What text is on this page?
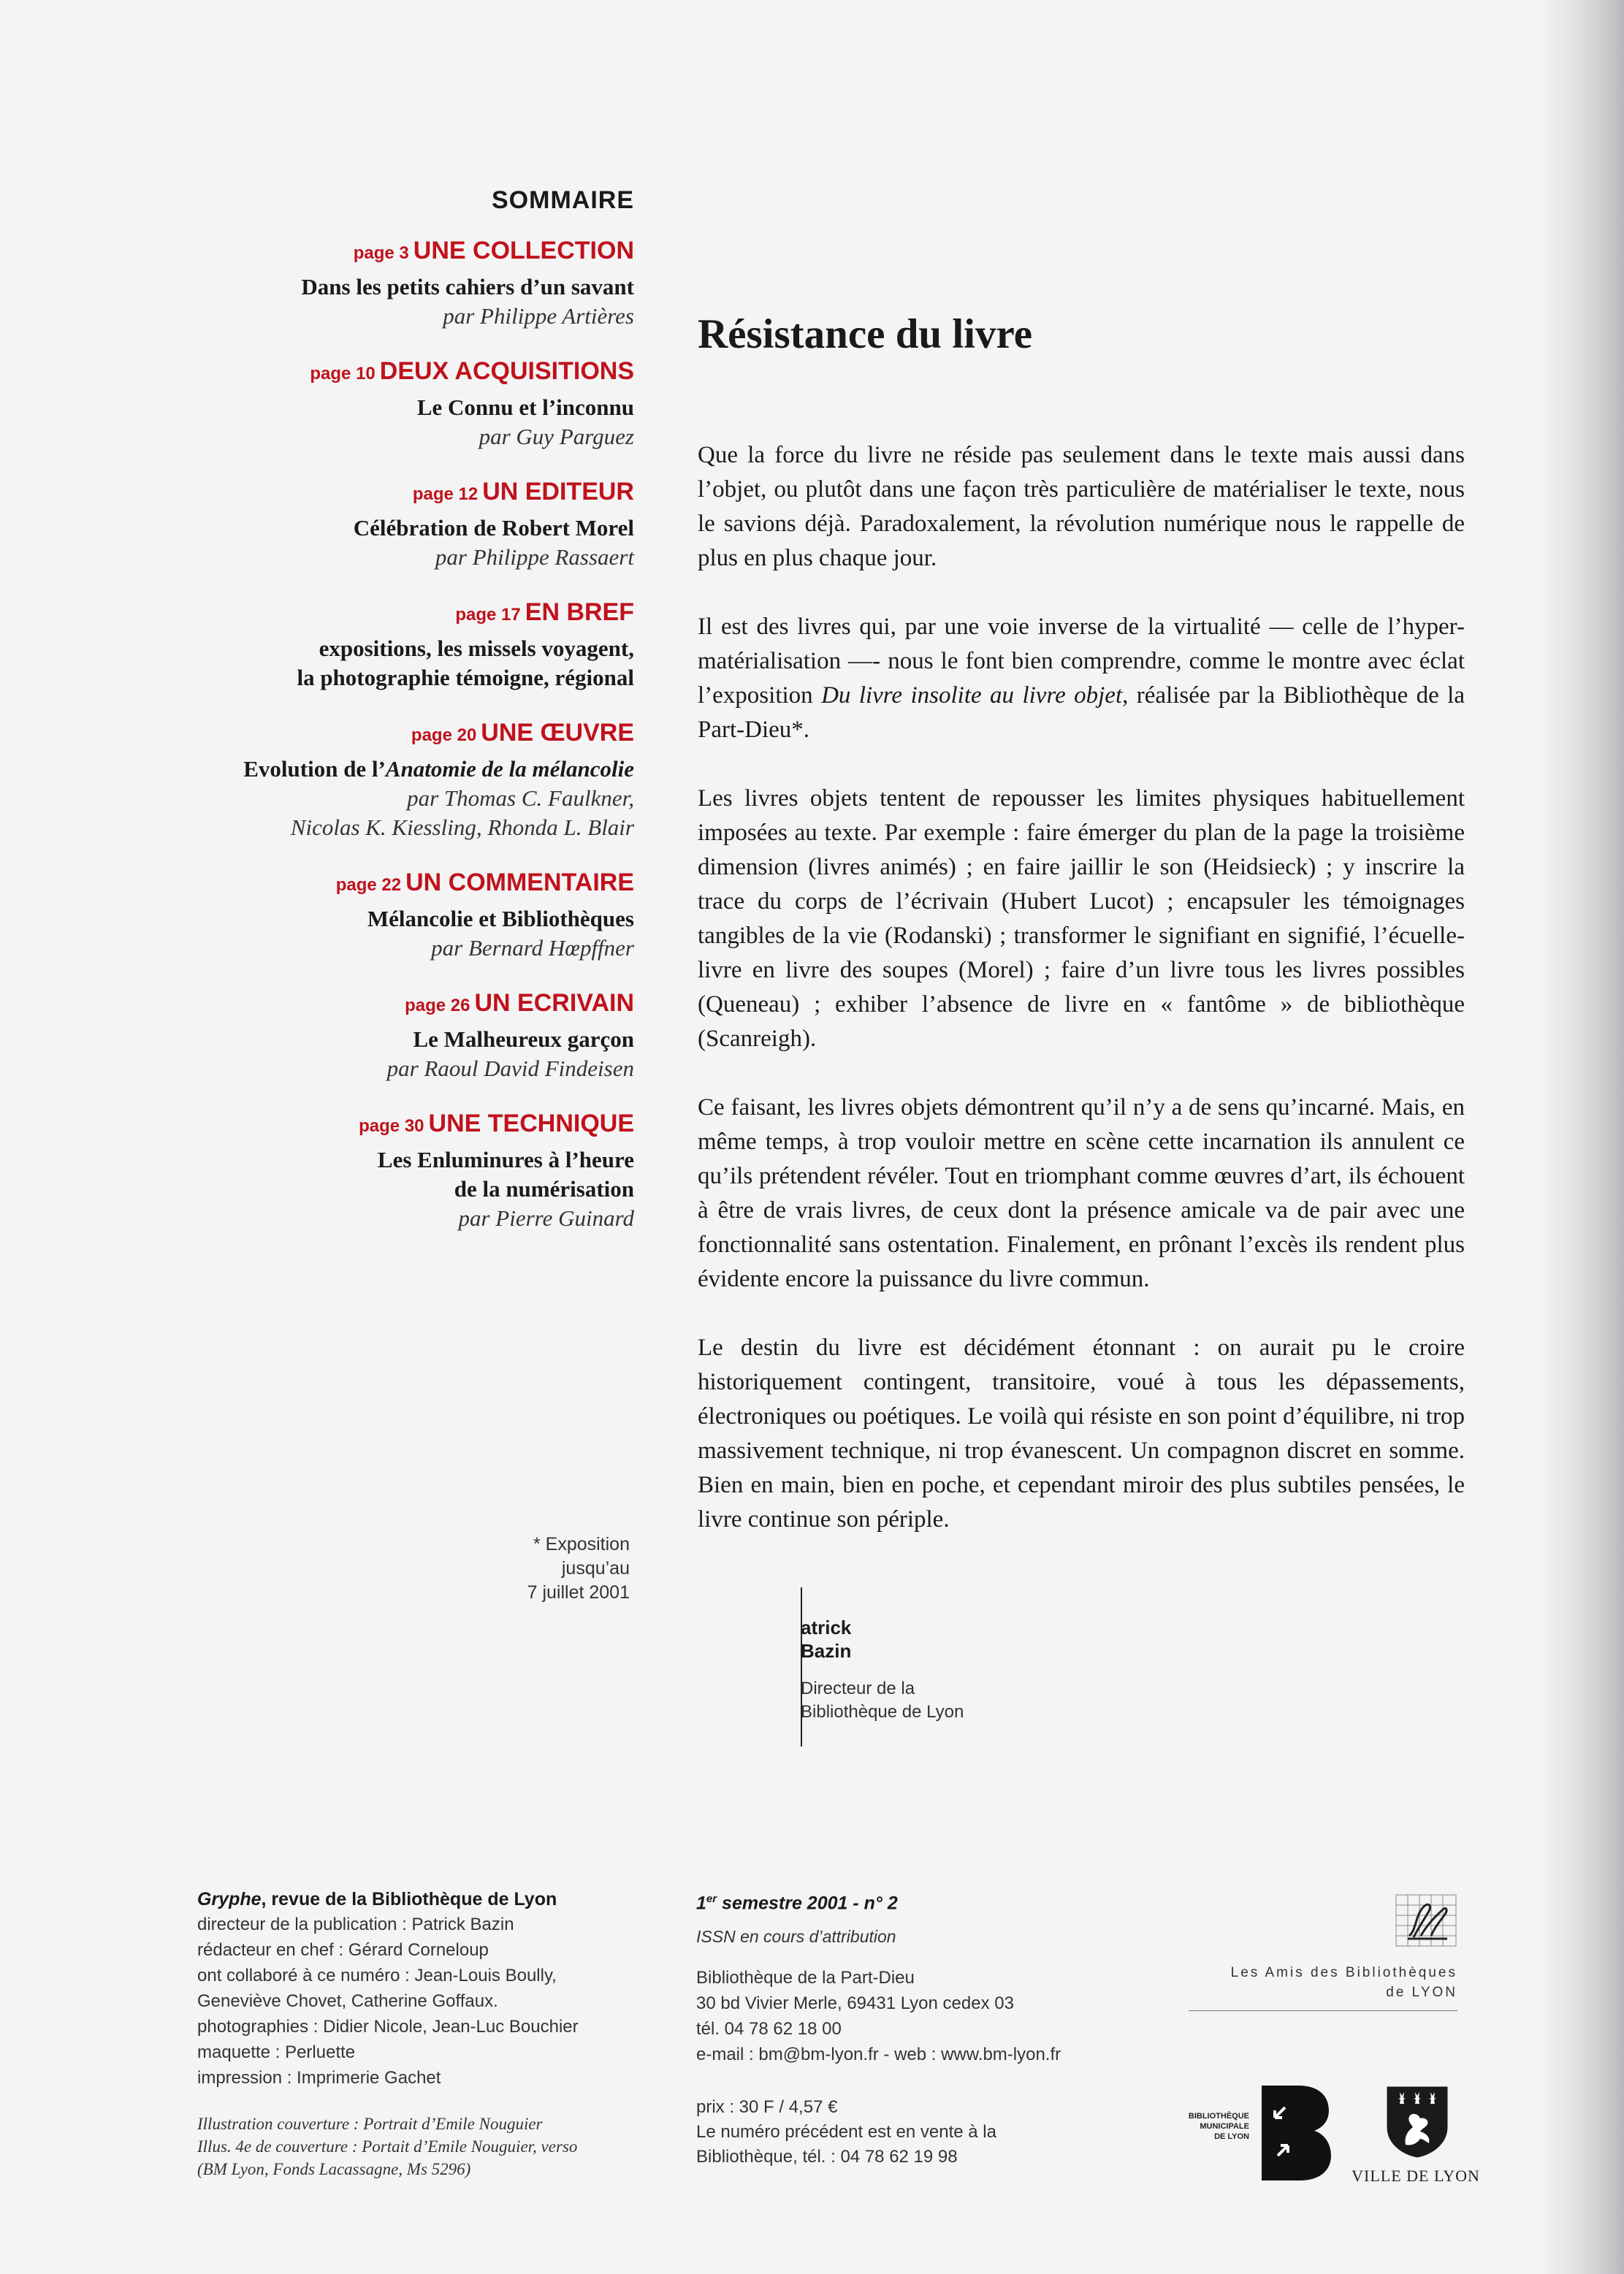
SOMMAIRE
page 3 UNE COLLECTION
Dans les petits cahiers d’un savant
par Philippe Artières
page 10 DEUX ACQUISITIONS
Le Connu et l’inconnu
par Guy Parguez
page 12 UN EDITEUR
Célébration de Robert Morel
par Philippe Rassaert
page 17 EN BREF
expositions, les missels voyagent,
la photographie témoigne, régional
page 20 UNE ŒUVRE
Evolution de l’Anatomie de la mélancolie
par Thomas C. Faulkner,
Nicolas K. Kiessling, Rhonda L. Blair
page 22 UN COMMENTAIRE
Mélancolie et Bibliothèques
par Bernard Hœpffner
page 26 UN ECRIVAIN
Le Malheureux garçon
par Raoul David Findeisen
page 30 UNE TECHNIQUE
Les Enluminures à l’heure
de la numérisation
par Pierre Guinard
* Exposition
jusqu’au
7 juillet 2001
Résistance du livre

Que la force du livre ne réside pas seulement dans le texte mais aussi dans l’objet, ou plutôt dans une façon très particulière de matérialiser le texte, nous le savions déjà. Paradoxalement, la révolution numérique nous le rappelle de plus en plus chaque jour.

Il est des livres qui, par une voie inverse de la virtualité — celle de l’hyper-matérialisation —- nous le font bien comprendre, comme le montre avec éclat l’exposition Du livre insolite au livre objet, réalisée par la Bibliothèque de la Part-Dieu*.

Les livres objets tentent de repousser les limites physiques habituellement imposées au texte. Par exemple : faire émerger du plan de la page la troisième dimension (livres animés) ; en faire jaillir le son (Heidsieck) ; y inscrire la trace du corps de l’écrivain (Hubert Lucot) ; encapsuler les témoignages tangibles de la vie (Rodanski) ; transformer le signifiant en signifié, l’écuelle-livre en livre des soupes (Morel) ; faire d’un livre tous les livres possibles (Queneau) ; exhiber l’absence de livre en « fantôme » de bibliothèque (Scanreigh).

Ce faisant, les livres objets démontrent qu’il n’y a de sens qu’incarné. Mais, en même temps, à trop vouloir mettre en scène cette incarnation ils annulent ce qu’ils prétendent révéler. Tout en triomphant comme œuvres d’art, ils échouent à être de vrais livres, de ceux dont la présence amicale va de pair avec une fonctionnalité sans ostentation. Finalement, en prônant l’excès ils rendent plus évidente encore la puissance du livre commun.

Le destin du livre est décidément étonnant : on aurait pu le croire historiquement contingent, transitoire, voué à tous les dépassements, électroniques ou poétiques. Le voilà qui résiste en son point d’équilibre, ni trop massivement technique, ni trop évanescent. Un compagnon discret en somme. Bien en main, bien en poche, et cependant miroir des plus subtiles pensées, le livre continue son périple.

atrick
Bazin
Directeur de la
Bibliothèque de Lyon
Gryphe, revue de la Bibliothèque de Lyon
directeur de la publication : Patrick Bazin
rédacteur en chef : Gérard Corneloup
ont collaboré à ce numéro : Jean-Louis Boully,
Geneviève Chovet, Catherine Goffaux.
photographies : Didier Nicole, Jean-Luc Bouchier
maquette : Perluette
impression : Imprimerie Gachet
Illustration couverture : Portrait d’Emile Nouguier
Illus. 4e de couverture : Portait d’Emile Nouguier, verso
(BM Lyon, Fonds Lacassagne, Ms 5296)
1er semestre 2001 - n° 2
ISSN en cours d’attribution
Bibliothèque de la Part-Dieu
30 bd Vivier Merle, 69431 Lyon cedex 03
tél. 04 78 62 18 00
e-mail : bm@bm-lyon.fr - web : www.bm-lyon.fr
prix : 30 F / 4,57 €
Le numéro précédent est en vente à la
Bibliothèque, tél. : 04 78 62 19 98
Les Amis des Bibliothèques
de LYON
BIBLIOTHÈQUE
MUNICIPALE
DE LYON
VILLE DE LYON
